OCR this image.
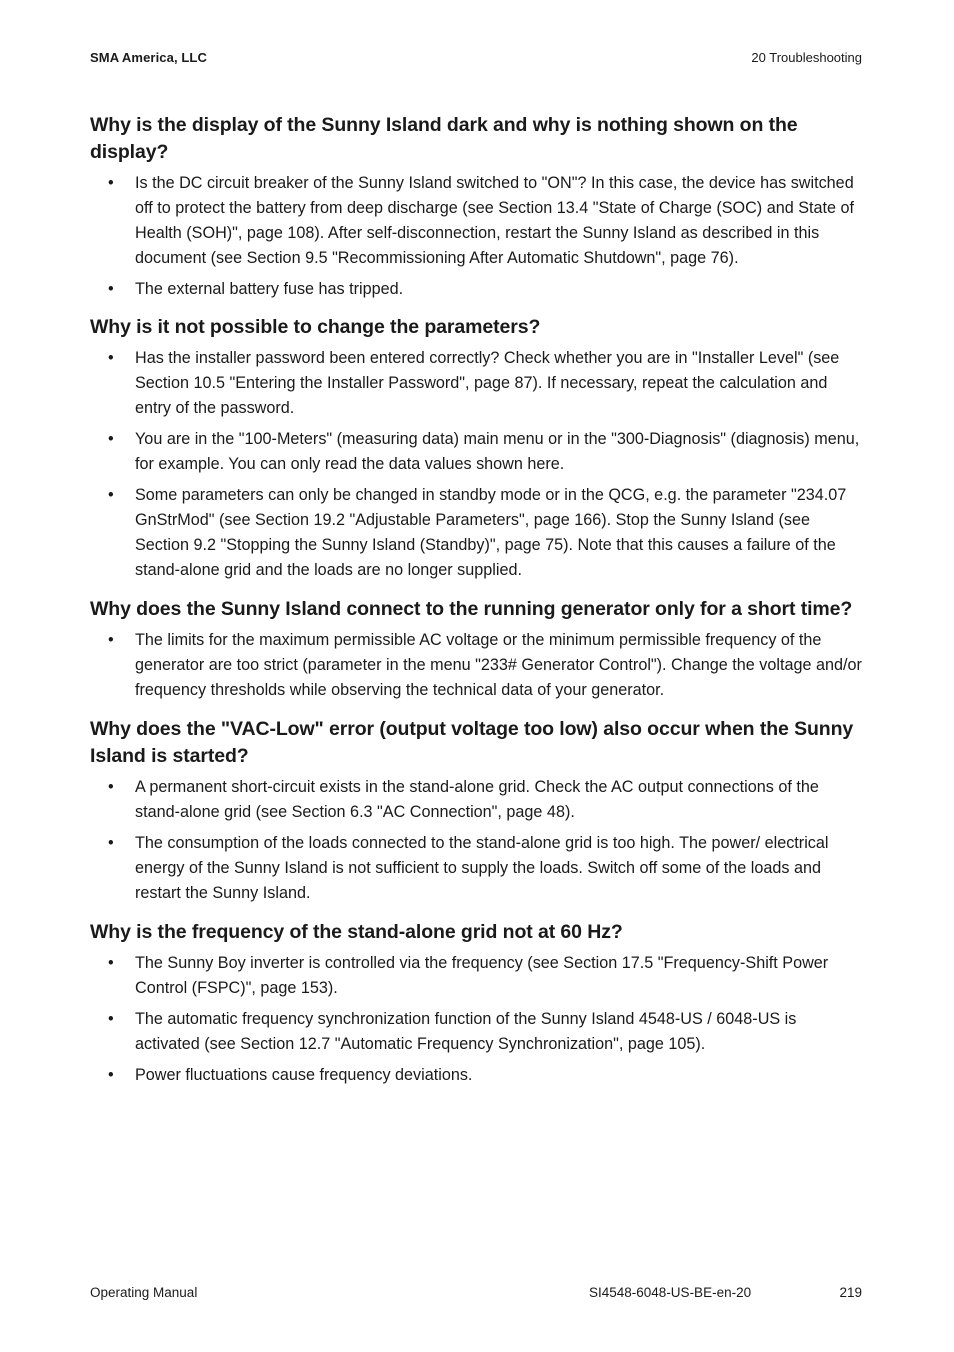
SMA America, LLC	20 Troubleshooting
Why is the display of the Sunny Island dark and why is nothing shown on the display?
• Is the DC circuit breaker of the Sunny Island switched to "ON"? In this case, the device has switched off to protect the battery from deep discharge (see Section 13.4 "State of Charge (SOC) and State of Health (SOH)", page 108). After self-disconnection, restart the Sunny Island as described in this document (see Section 9.5 "Recommissioning After Automatic Shutdown", page 76).
• The external battery fuse has tripped.
Why is it not possible to change the parameters?
• Has the installer password been entered correctly? Check whether you are in "Installer Level" (see Section 10.5 "Entering the Installer Password", page 87). If necessary, repeat the calculation and entry of the password.
• You are in the "100-Meters" (measuring data) main menu or in the "300-Diagnosis" (diagnosis) menu, for example. You can only read the data values shown here.
• Some parameters can only be changed in standby mode or in the QCG, e.g. the parameter "234.07 GnStrMod" (see Section 19.2 "Adjustable Parameters", page 166). Stop the Sunny Island (see Section 9.2 "Stopping the Sunny Island (Standby)", page 75). Note that this causes a failure of the stand-alone grid and the loads are no longer supplied.
Why does the Sunny Island connect to the running generator only for a short time?
• The limits for the maximum permissible AC voltage or the minimum permissible frequency of the generator are too strict (parameter in the menu "233# Generator Control"). Change the voltage and/or frequency thresholds while observing the technical data of your generator.
Why does the "VAC-Low" error (output voltage too low) also occur when the Sunny Island is started?
• A permanent short-circuit exists in the stand-alone grid. Check the AC output connections of the stand-alone grid (see Section 6.3 "AC Connection", page 48).
• The consumption of the loads connected to the stand-alone grid is too high. The power/ electrical energy of the Sunny Island is not sufficient to supply the loads. Switch off some of the loads and restart the Sunny Island.
Why is the frequency of the stand-alone grid not at 60 Hz?
• The Sunny Boy inverter is controlled via the frequency (see Section 17.5 "Frequency-Shift Power Control (FSPC)", page 153).
• The automatic frequency synchronization function of the Sunny Island 4548-US / 6048-US is activated (see Section 12.7 "Automatic Frequency Synchronization", page 105).
• Power fluctuations cause frequency deviations.
Operating Manual	SI4548-6048-US-BE-en-20	219
